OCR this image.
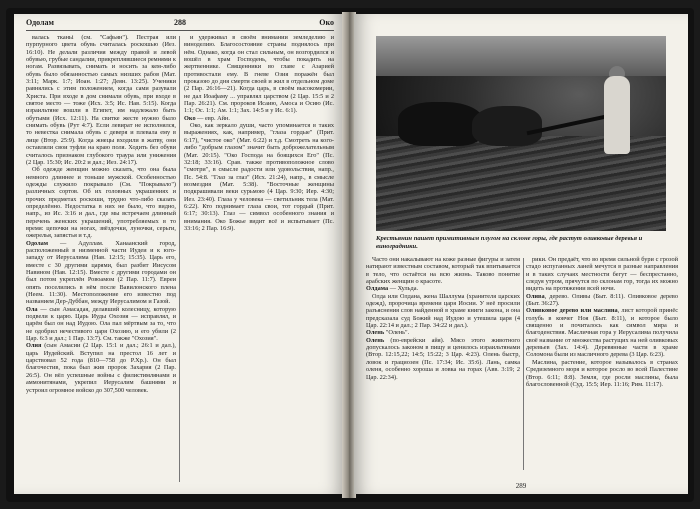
Одолам	288	Око

валась тканьi (см. "Сафьян"). Пестрая или пурпурного цвета обувь считалась роскошью (Иез. 16:10). Не делали различия между правой и левой обувью, грубые сандалии, прикреплявшиеся ремнями к ногам. Развязывать, снимать и носить за кем-либо обувь было обязанностью самых низших рабов (Мат. 3:11; Марк. 1:7; Иоан. 1:27; Деян. 13:25). Ученики равнялись с этим положением, когда сами разували Христа. При входе в дом снимали обувь, при входе в святое место — тоже (Исх. 3:5; Ис. Нав. 5:15). Когда израильтяне вошли в Египет, им надлежало быть обутыми (Исх. 12:11). На свитке жесте нужно было снимать обувь (Рут 4:7). Если левират не исполнялся, то невестка снимала обувь с деверя и плевала ему в лице (Втор. 25:9). Когда жнецы входили в жатву, они оставляли свои туфли на краю поля. Ходить без обуви считалось признаком глубокого траура или унижения (2 Цар. 15:30; Ис. 20:2 и дал.; Иез. 24:17).

Об одежде женщин можно сказать, что она была немного длиннее и тоньше мужской. Особенностью одежды служило покрывало (См. "Покрывало") различных сортов. Об их головных украшениях и прочих предметах роскоши, трудно что-либо сказать определённо. Недостатка в них не было, что видно, напр., из Ис. 3:16 и дал., где мы встречаем длинный перечень женских украшений, употребляемых в то время: цепочки на ногах, звёздочки, луночки, серьги, ожерелья, запястья и т.д.

Одолам — Адуллам. Ханаанский город, расположенный в низменной части Иудеи и к юго-западу от Иерусалима (Нав. 12:15; 15:35). Царь его, вместе с 30 другими царями, был разбит Иисусом Навином (Нав. 12:15). Вместе с другими городами он был потом укреплён Ровоамом (2 Пар. 11:7). Евреи опять поселились в нём после Вавилонского плена (Неем. 11:30). Местоположение его известно под названием Дер-Дуббан, между Иерусалимом и Газой.

Ола — сын Амасадая, делавший колесницу, которую подвели к царю. Царь Иуды Охозия — исправлял, и царём был он над Иудою. Ола пал мёртвым за то, что не одобрил нечестивого царя Охозию, и его убили (2 Цар. 6:3 и дал.; 1 Пар. 13:7). См. также "Охозия".

Олия (сын Амасии (2 Цар. 15:1 и дал.; 26:1 и дал.), царь Иудейский. Вступил на престол 16 лет и царствовал 52 года (810—758 до Р.Хр.). Он был благочестив, пока был жив пророк Захария (2 Пар. 26:5). Он вёл успешные войны с филистимлянами и аммонитянами, укрепил Иерусалим башнями и устроил огромное войско до 307,500 человек.

и удерживал в своём внимании земледелию и виноделию. Благосостояние страны поднялось при нём. Однако, когда он стал сильным, он возгордился и вошёл в храм Господень, чтобы покадить на жертвеннике. Священники во главе с Азарией противостали ему. В гневе Озия поражён был проказою до дня смерти своей и жил в отдельном доме (2 Пар. 26:16—21). Когда царь, в своём высокомерии, не дал Иоафаму ... управлял царством (2 Цар. 15:5 и 2 Пар. 26:21). См. пророков Исаию, Амоса и Осию (Ис. 1:1; Ос. 1:1; Ам. 1:1; Зах. 14:5 и у Ис. 6:1).

Око — евр. Айн.

Око, как зеркало души, часто упоминается в таких выражениях, как, например, "глаза гордые" (Прит. 6:17), "чистое око" (Мат. 6:22) и т.д. Смотреть на кого-либо "добрым глазом" значит быть доброжелательным (Мат. 20:15). "Око Господа на боящихся Его" (Пс. 32:18; 33:16). Срав. также противоположное слово "смотри", в смысле радости или удовольствия, напр., Пс. 54:8. "Глаз за глаз" (Исх. 21:24), напр., в смысле возмездия (Мат. 5:38). "Восточные женщины подкрашивали веки сурьмою (4 Цар. 9:30; Иер. 4:30; Иез. 23:40). Глаза у человека — светильник тела (Мат. 6:22). Кто поднимает глаза свои, тот гордый (Прит. 6:17; 30:13). Глаз — символ особенного знания и внимания. Око Божье видит всё и испытывает (Пс. 33:16; 2 Пар. 16:9).

Крестьянин пашет примитивным плугом на склоне горы, где растут оливковые деревья и виноградники.

Часто они накалывают на коже разные фигуры и затем натирают известным составом, который так впитывается в тело, что остаётся на всю жизнь. Таково понятие арабских женщин о красоте.

Олдама — Хульда.

Олда или Олдана, жена Шаллума (хранителя царских одежд), пророчица времени царя Иосии. У неё просили разъяснения слов найденной в храме книги закона, и она предсказала суд Божий над Иудою и утешила царя (4 Цар. 22:14 и дал.; 2 Пар. 34:22 и дал.).

Олень "Олень".

Олень (по-еврейски айя). Мясо этого животного допускалось законом в пищу и ценилось израильтянами (Втор. 12:15,22; 14:5; 15:22; 3 Цар. 4:23). Олень быстр, ловок и грациозен (Пс. 17:34; Ис. 35:6). Лань, самка оленя, особенно хороша и ловка на горах (Авв. 3:19; 2 Цар. 22:34).

рики. Он предаёт, что во время сильной бури с грозой стадо испуганных ланей мечутся в разные направления и в таких случаях местности бегут — беспрестанно, следуя утром, прячутся по склонам гор, тогда их можно видеть на протяжении всей ночи.

Олива, дерево. Оливы (Быт. 8:11). Оливковое дерево (Быт. 36:27).

Оливковое дерево или маслина, лист которой принёс голубь в ковчег Ноя (Быт. 8:11), и которое было священно и почиталось как символ мира и благоденствия. Масличная гора у Иерусалима получила своё название от множества растущих на ней оливковых деревьев (Зах. 14:4). Деревянные части в храме Соломона были из масличного дерева (3 Цар. 6:23).

Маслина, растение, которое называлось в странах Средиземного моря и которое росло во всей Палестине (Втор. 6:11; 8:8). Земля, где росли маслины, была благословенной (Суд. 15:5; Иер. 11:16; Рим. 11:17).

289
